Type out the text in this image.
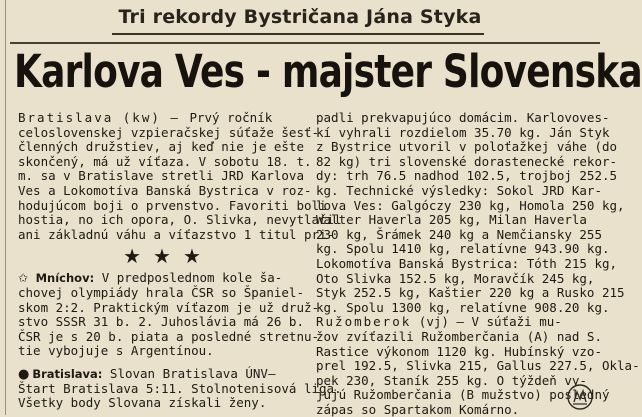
Tri rekordy Bystričana Jána Styka
Karlova Ves - majster Slovenska
Bratislava (kw) — Prvý ročník
celoslovenskej vzpieračskej súťaže šesť-
členných družstiev, aj keď nie je ešte
skončený, má už víťaza. V sobotu 18. t.
m. sa v Bratislave stretli JRD Karlova
Ves a Lokomotíva Banská Bystrica v roz-
hodujúcom boji o prvenstvo. Favoriti boli
hostia, no ich opora, O. Slivka, nevytlačil
ani základnú váhu a víťazstvo 1 titul pri-
★★★
✩ Mníchov: V predposlednom kole ša-
chovej olympiády hrala ČSR so Španiel-
skom 2:2. Praktickým víťazom je už druž-
stvo SSSR 31 b. 2. Juhoslávia má 26 b.
ČSR je s 20 b. piata a posledné stretnu-
tie vybojuje s Argentínou.
● Bratislava: Slovan Bratislava ÚNV—
Štart Bratislava 5:11. Stolnotenisová liga.
Všetky body Slovana získali ženy.
padli prekvapujúco domácim. Karlovoves-
kí vyhrali rozdielom 35.70 kg. Ján Styk
z Bystrice utvoril v poloťažkej váhe (do
82 kg) tri slovenské dorastenecké rekor-
dy: trh 76.5 nadhod 102.5, trojboj 252.5
kg. Technické výsledky: Sokol JRD Kar-
lova Ves: Galgóczy 230 kg, Homola 250 kg,
Walter Haverla 205 kg, Milan Haverla
230 kg, Šrámek 240 kg a Nemčiansky 255
kg. Spolu 1410 kg, relatívne 943.90 kg.
Lokomotíva Banská Bystrica: Tóth 215 kg,
Oto Slivka 152.5 kg, Moravčík 245 kg,
Styk 252.5 kg, Kaštier 220 kg a Rusko 215
kg. Spolu 1300 kg, relatívne 908.20 kg.
Ružomberok (vj) — V súťaži mu-
žov zvíťazili Ružomberčania (A) nad S.
Rastice výkonom 1120 kg. Hubínský vzo-
prel 192.5, Slivka 215, Gallus 227.5, Okla-
pek 230, Staník 255 kg. O týždeň vy-
jujú Ružomberčania (B mužstvo) posledný
zápas so Spartakom Komárno.
